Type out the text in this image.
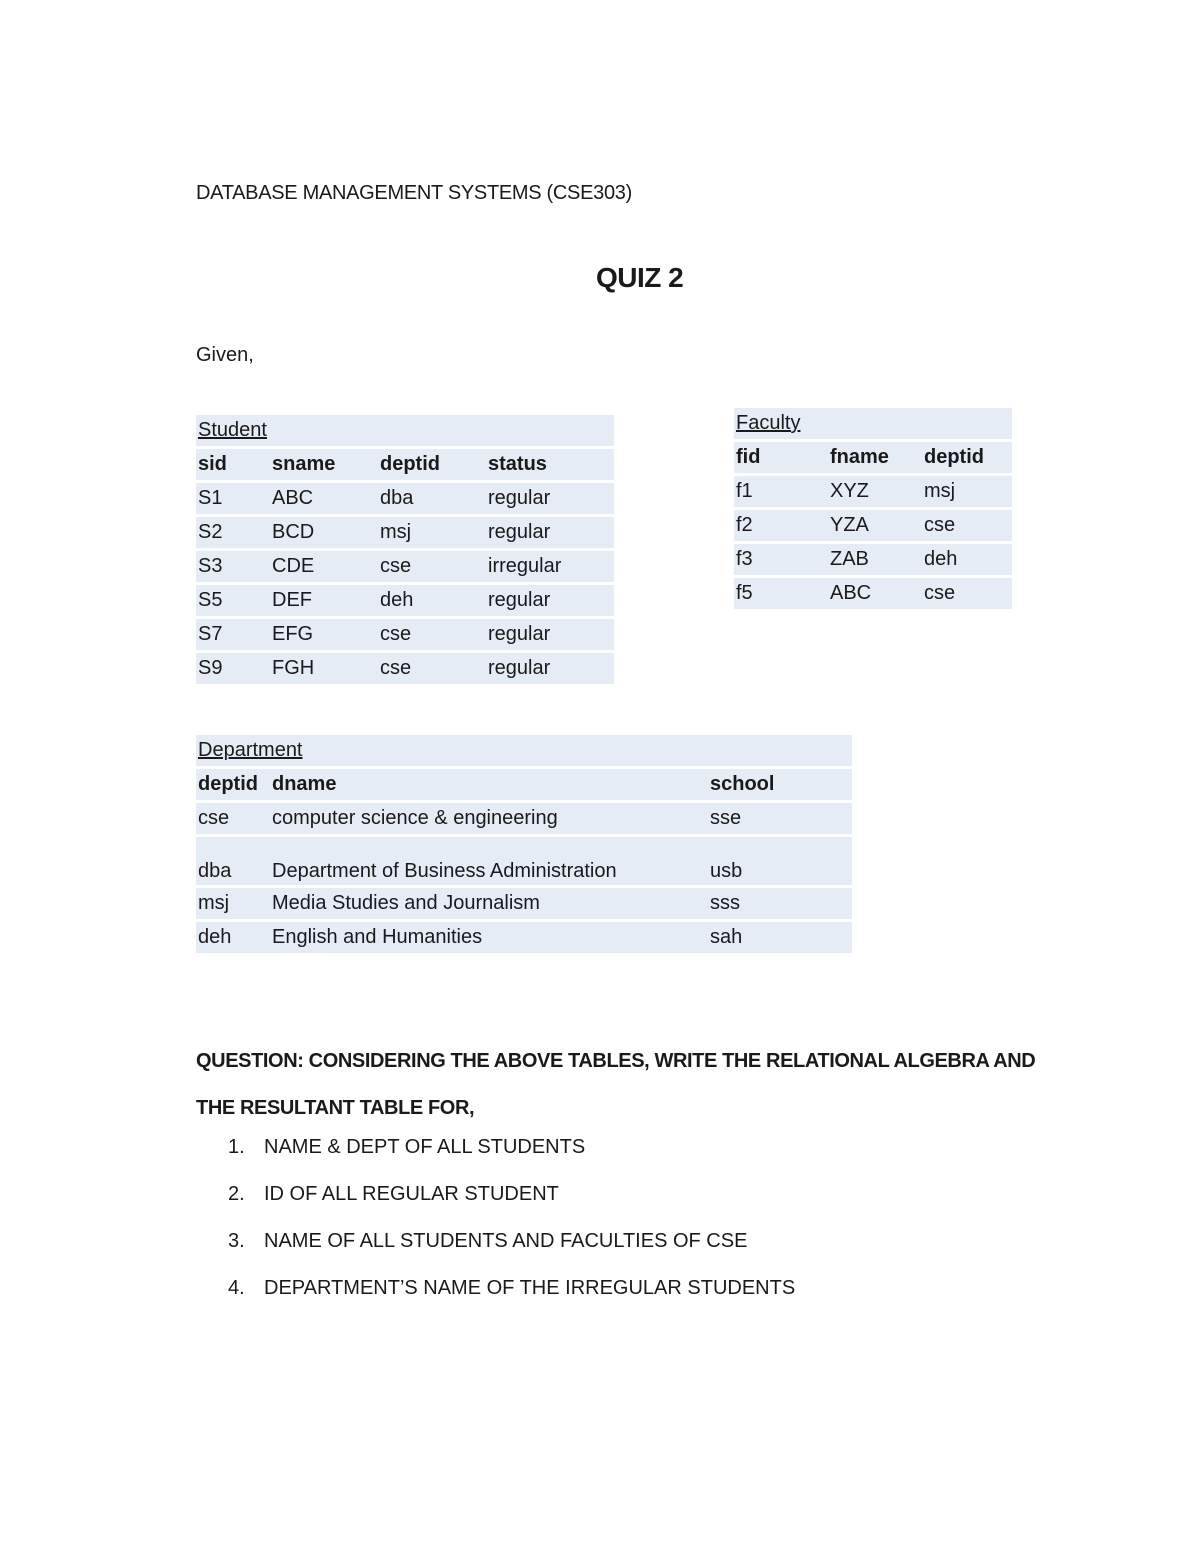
DATABASE MANAGEMENT SYSTEMS (CSE303)
QUIZ 2
Given,
Student			
sid	sname	deptid	status
S1	ABC	dba	regular
S2	BCD	msj	regular
S3	CDE	cse	irregular
S5	DEF	deh	regular
S7	EFG	cse	regular
S9	FGH	cse	regular
Faculty		
fid	fname	deptid
f1	XYZ	msj
f2	YZA	cse
f3	ZAB	deh
f5	ABC	cse
Department		
deptid	dname	school
cse	computer science & engineering	sse
dba	Department of Business Administration	usb
msj	Media Studies and Journalism	sss
deh	English and Humanities	sah
QUESTION: CONSIDERING THE ABOVE TABLES, WRITE THE RELATIONAL ALGEBRA AND THE RESULTANT TABLE FOR,
1. NAME & DEPT OF ALL STUDENTS
2. ID OF ALL REGULAR STUDENT
3. NAME OF ALL STUDENTS AND FACULTIES OF CSE
4. DEPARTMENT’S NAME OF THE IRREGULAR STUDENTS
